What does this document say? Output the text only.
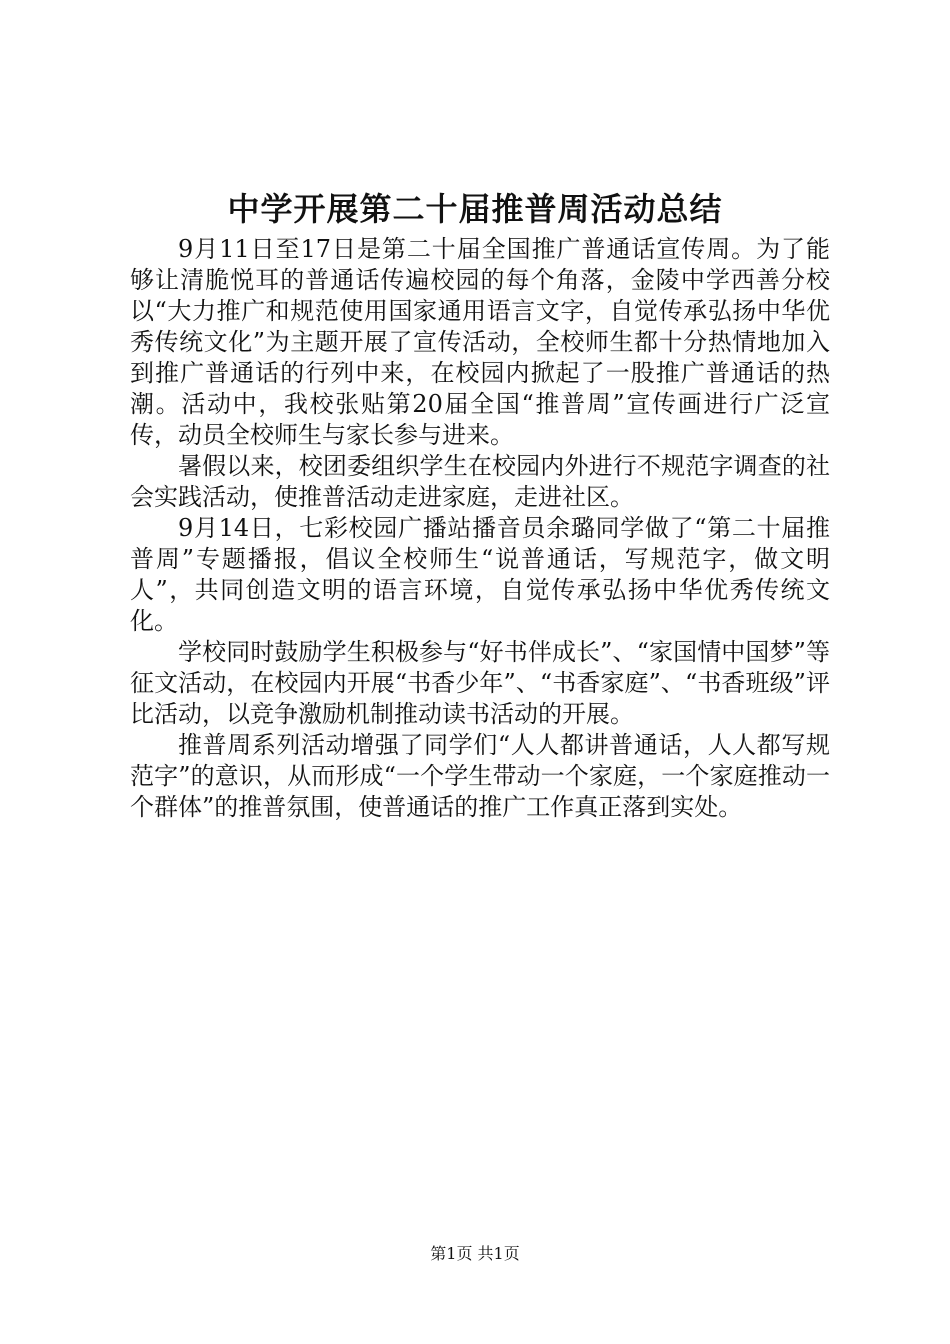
中学开展第二十届推普周活动总结

9月11日至17日是第二十届全国推广普通话宣传周。为了能够让清脆悦耳的普通话传遍校园的每个角落，金陵中学西善分校以“大力推广和规范使用国家通用语言文字，自觉传承弘扬中华优秀传统文化”为主题开展了宣传活动，全校师生都十分热情地加入到推广普通话的行列中来，在校园内掀起了一股推广普通话的热潮。活动中，我校张贴第20届全国“推普周”宣传画进行广泛宣传，动员全校师生与家长参与进来。

暑假以来，校团委组织学生在校园内外进行不规范字调查的社会实践活动，使推普活动走进家庭，走进社区。

9月14日，七彩校园广播站播音员余璐同学做了“第二十届推普周”专题播报，倡议全校师生“说普通话，写规范字，做文明人”，共同创造文明的语言环境，自觉传承弘扬中华优秀传统文化。

学校同时鼓励学生积极参与“好书伴成长”、“家国情中国梦”等征文活动，在校园内开展“书香少年”、“书香家庭”、“书香班级”评比活动，以竞争激励机制推动读书活动的开展。

推普周系列活动增强了同学们“人人都讲普通话，人人都写规范字”的意识，从而形成“一个学生带动一个家庭，一个家庭推动一个群体”的推普氛围，使普通话的推广工作真正落到实处。

第1页 共1页
